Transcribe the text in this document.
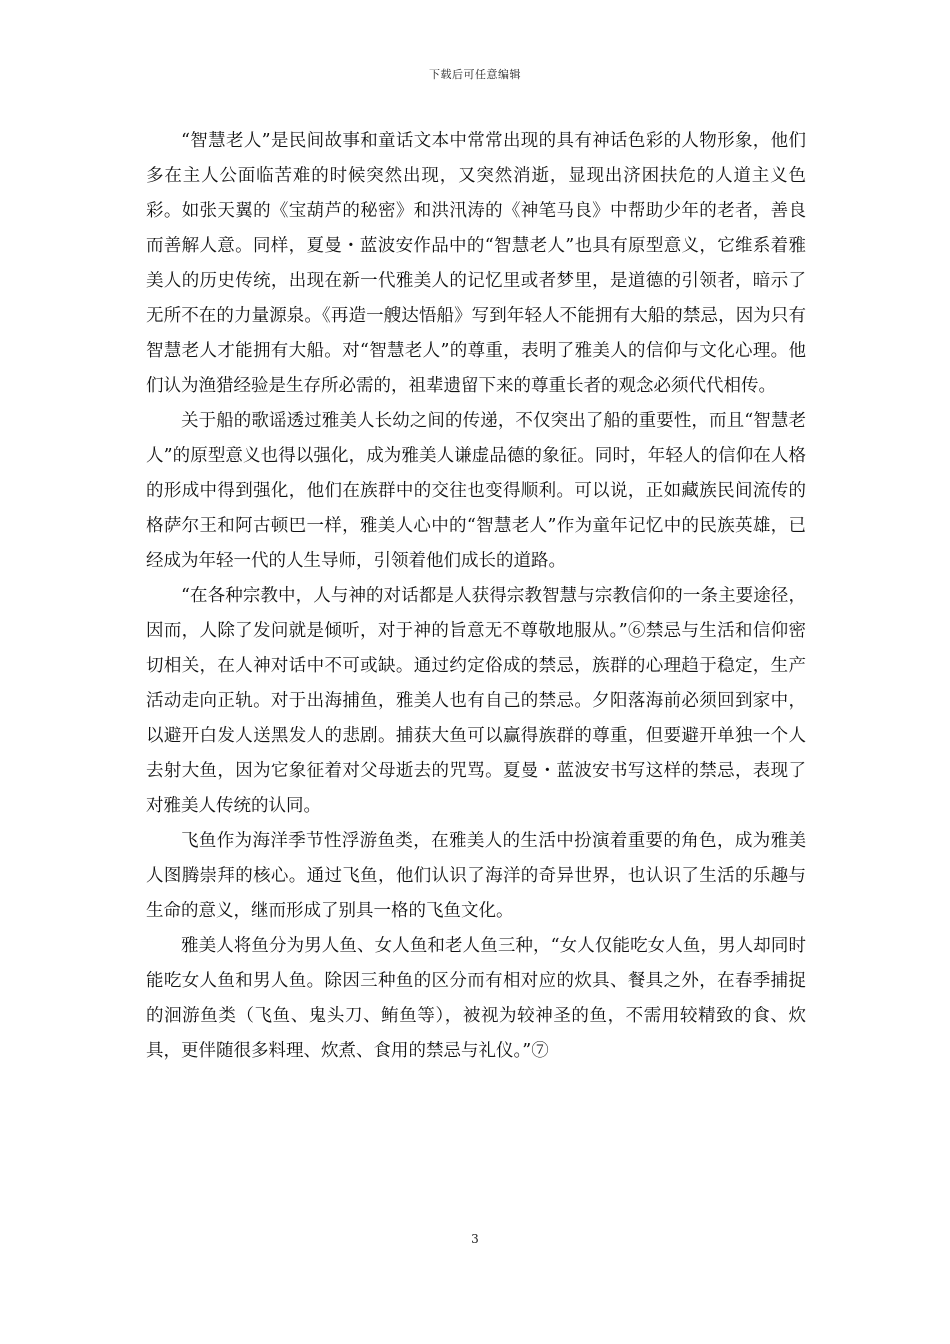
下载后可任意编辑

“智慧老人”是民间故事和童话文本中常常出现的具有神话色彩的人物形象，他们多在主人公面临苦难的时候突然出现，又突然消逝，显现出济困扶危的人道主义色彩。如张天翼的《宝葫芦的秘密》和洪汛涛的《神笔马良》中帮助少年的老者，善良而善解人意。同样，夏曼・蓝波安作品中的“智慧老人”也具有原型意义，它维系着雅美人的历史传统，出现在新一代雅美人的记忆里或者梦里，是道德的引领者，暗示了无所不在的力量源泉。《再造一艘达悟船》写到年轻人不能拥有大船的禁忌，因为只有智慧老人才能拥有大船。对“智慧老人”的尊重，表明了雅美人的信仰与文化心理。他们认为渔猎经验是生存所必需的，祖辈遗留下来的尊重长者的观念必须代代相传。

关于船的歌谣透过雅美人长幼之间的传递，不仅突出了船的重要性，而且“智慧老人”的原型意义也得以强化，成为雅美人谦虚品德的象征。同时，年轻人的信仰在人格的形成中得到强化，他们在族群中的交往也变得顺利。可以说，正如藏族民间流传的格萨尔王和阿古顿巴一样，雅美人心中的“智慧老人”作为童年记忆中的民族英雄，已经成为年轻一代的人生导师，引领着他们成长的道路。

“在各种宗教中，人与神的对话都是人获得宗教智慧与宗教信仰的一条主要途径，因而，人除了发问就是倾听，对于神的旨意无不尊敬地服从。”⑥禁忌与生活和信仰密切相关，在人神对话中不可或缺。通过约定俗成的禁忌，族群的心理趋于稳定，生产活动走向正轨。对于出海捕鱼，雅美人也有自己的禁忌。夕阳落海前必须回到家中，以避开白发人送黑发人的悲剧。捕获大鱼可以赢得族群的尊重，但要避开单独一个人去射大鱼，因为它象征着对父母逝去的咒骂。夏曼・蓝波安书写这样的禁忌，表现了对雅美人传统的认同。

飞鱼作为海洋季节性浮游鱼类，在雅美人的生活中扮演着重要的角色，成为雅美人图腾崇拜的核心。通过飞鱼，他们认识了海洋的奇异世界，也认识了生活的乐趣与生命的意义，继而形成了别具一格的飞鱼文化。

雅美人将鱼分为男人鱼、女人鱼和老人鱼三种，“女人仅能吃女人鱼，男人却同时能吃女人鱼和男人鱼。除因三种鱼的区分而有相对应的炊具、餐具之外，在春季捕捉的洄游鱼类（飞鱼、鬼头刀、鲔鱼等），被视为较神圣的鱼，不需用较精致的食、炊具，更伴随很多料理、炊煮、食用的禁忌与礼仪。”⑦

3
